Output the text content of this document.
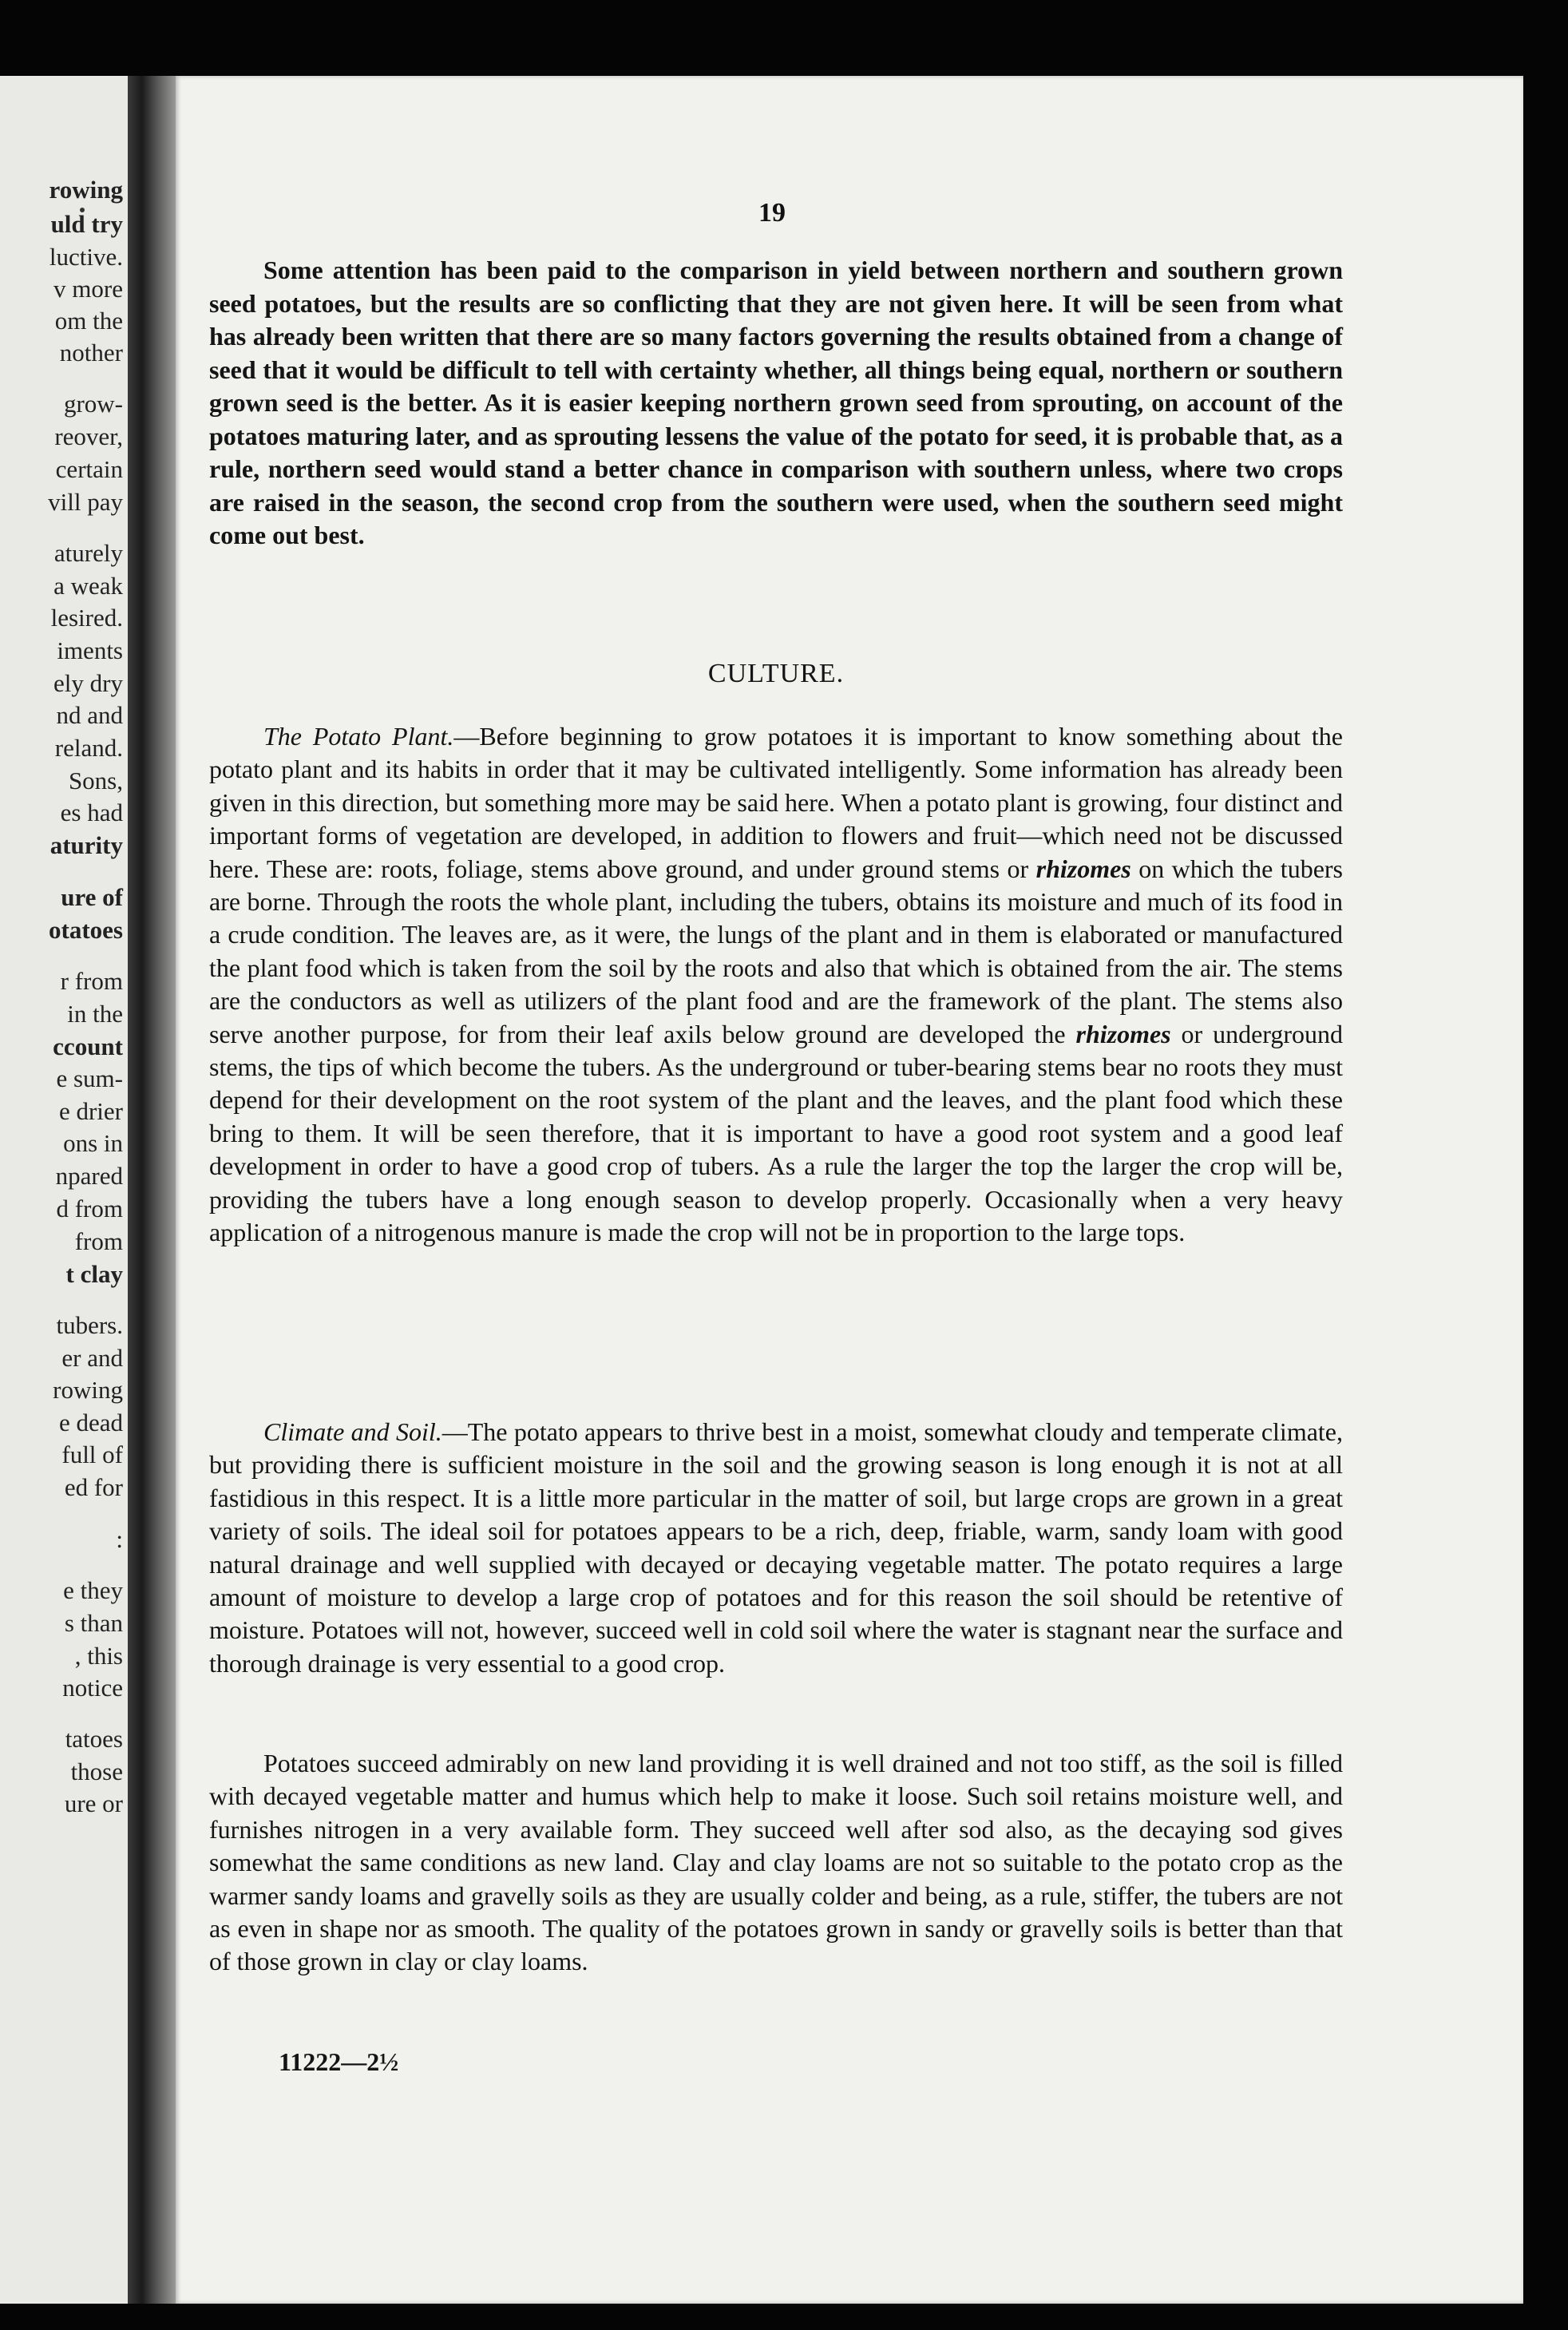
rowing
uld try
luctive.
v more
om the
nother
grow-
reover,
certain
vill pay
aturely
a weak
lesired.
iments
ely dry
nd and
reland.
Sons,
es had
aturity
ure of
otatoes
r from
in the
ccount
e sum-
e drier
ons in
npared
d from
from
t clay
tubers.
er and
rowing
e dead
full of
ed for
:
e they
s than
, this
notice
tatoes
those
ure or
19

Some attention has been paid to the comparison in yield between northern and southern grown seed potatoes, but the results are so conflicting that they are not given here. It will be seen from what has already been written that there are so many factors governing the results obtained from a change of seed that it would be difficult to tell with certainty whether, all things being equal, northern or southern grown seed is the better. As it is easier keeping northern grown seed from sprouting, on account of the potatoes maturing later, and as sprouting lessens the value of the potato for seed, it is probable that, as a rule, northern seed would stand a better chance in comparison with southern unless, where two crops are raised in the season, the second crop from the southern were used, when the southern seed might come out best.

CULTURE.

The Potato Plant.—Before beginning to grow potatoes it is important to know something about the potato plant and its habits in order that it may be cultivated intelligently. Some information has already been given in this direction, but something more may be said here. When a potato plant is growing, four distinct and important forms of vegetation are developed, in addition to flowers and fruit—which need not be discussed here. These are: roots, foliage, stems above ground, and under ground stems or rhizomes on which the tubers are borne. Through the roots the whole plant, including the tubers, obtains its moisture and much of its food in a crude condition. The leaves are, as it were, the lungs of the plant and in them is elaborated or manufactured the plant food which is taken from the soil by the roots and also that which is obtained from the air. The stems are the conductors as well as utilizers of the plant food and are the framework of the plant. The stems also serve another purpose, for from their leaf axils below ground are developed the rhizomes or underground stems, the tips of which become the tubers. As the underground or tuber-bearing stems bear no roots they must depend for their development on the root system of the plant and the leaves, and the plant food which these bring to them. It will be seen therefore, that it is important to have a good root system and a good leaf development in order to have a good crop of tubers. As a rule the larger the top the larger the crop will be, providing the tubers have a long enough season to develop properly. Occasionally when a very heavy application of a nitrogenous manure is made the crop will not be in proportion to the large tops.

Climate and Soil.—The potato appears to thrive best in a moist, somewhat cloudy and temperate climate, but providing there is sufficient moisture in the soil and the growing season is long enough it is not at all fastidious in this respect. It is a little more particular in the matter of soil, but large crops are grown in a great variety of soils. The ideal soil for potatoes appears to be a rich, deep, friable, warm, sandy loam with good natural drainage and well supplied with decayed or decaying vegetable matter. The potato requires a large amount of moisture to develop a large crop of potatoes and for this reason the soil should be retentive of moisture. Potatoes will not, however, succeed well in cold soil where the water is stagnant near the surface and thorough drainage is very essential to a good crop.

Potatoes succeed admirably on new land providing it is well drained and not too stiff, as the soil is filled with decayed vegetable matter and humus which help to make it loose. Such soil retains moisture well, and furnishes nitrogen in a very available form. They succeed well after sod also, as the decaying sod gives somewhat the same conditions as new land. Clay and clay loams are not so suitable to the potato crop as the warmer sandy loams and gravelly soils as they are usually colder and being, as a rule, stiffer, the tubers are not as even in shape nor as smooth. The quality of the potatoes grown in sandy or gravelly soils is better than that of those grown in clay or clay loams.

11222—2½
